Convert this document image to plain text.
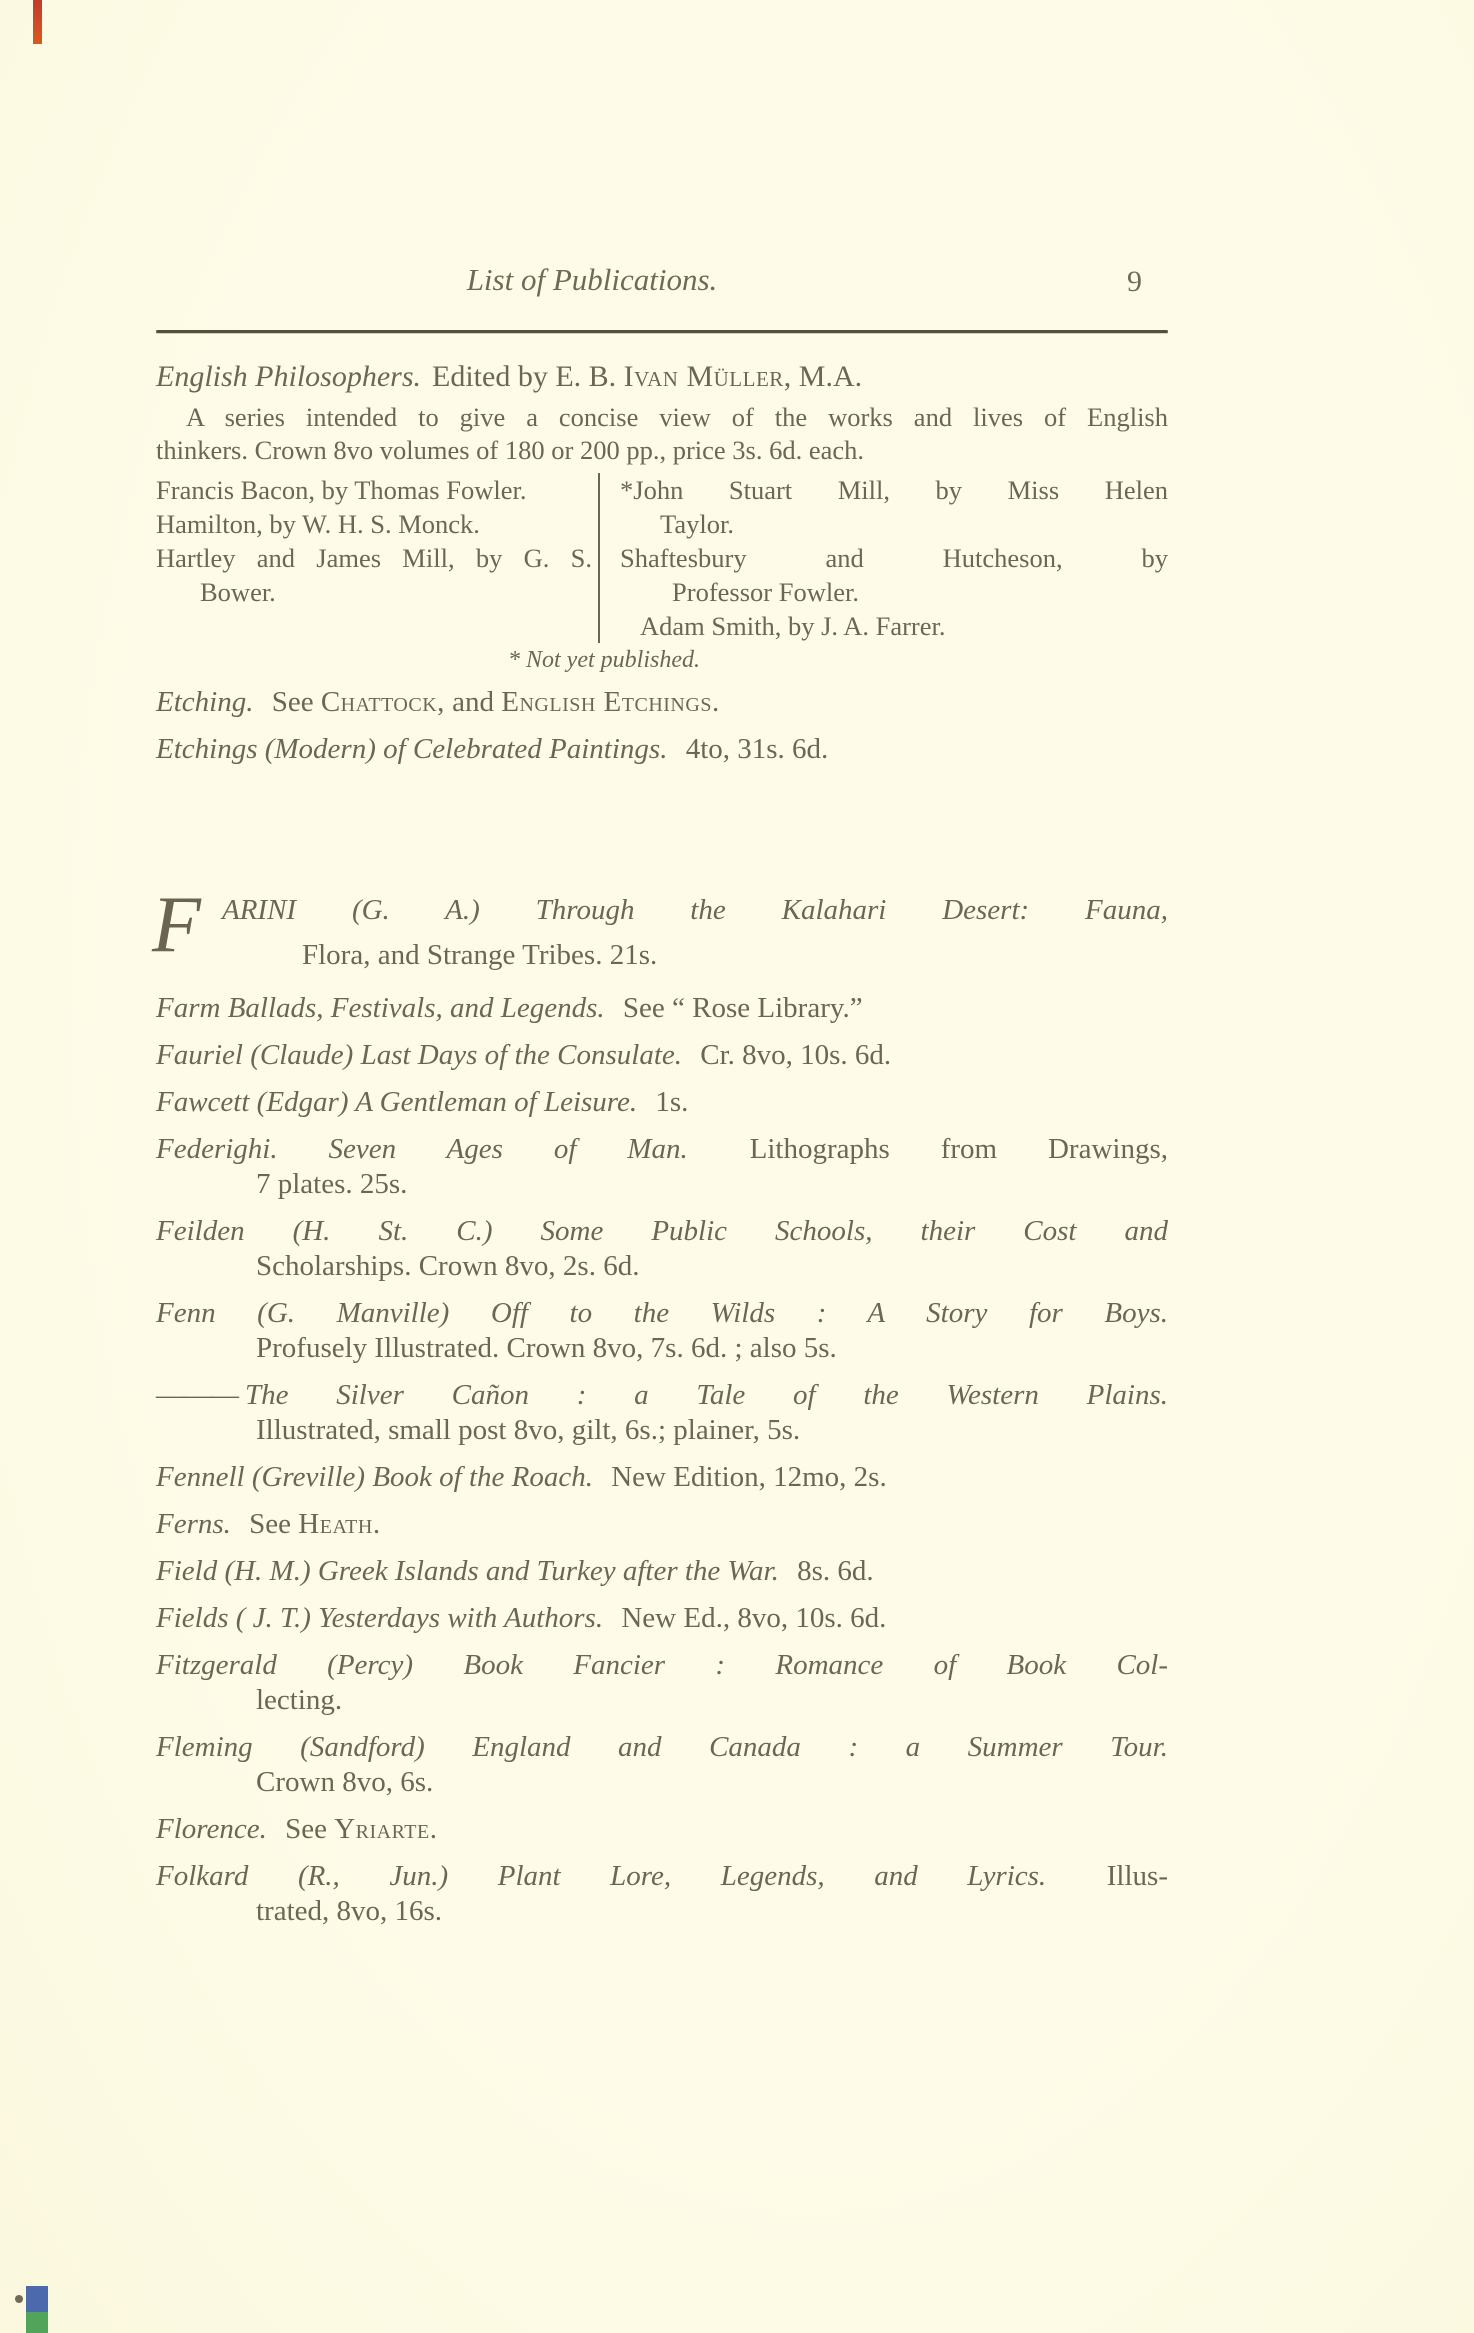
List of Publications.	9

English Philosophers. Edited by E. B. Ivan Müller, M.A.

A series intended to give a concise view of the works and lives of English

thinkers. Crown 8vo volumes of 180 or 200 pp., price 3s. 6d. each.

Francis Bacon, by Thomas Fowler.

Hamilton, by W. H. S. Monck.

Hartley and James Mill, by G. S.

Bower.

*John Stuart Mill, by Miss Helen

Taylor.

Shaftesbury and Hutcheson, by

Professor Fowler.

Adam Smith, by J. A. Farrer.

* Not yet published.

Etching. See Chattock, and English Etchings.

Etchings (Modern) of Celebrated Paintings. 4to, 31s. 6d.

F ARINI (G. A.) Through the Kalahari Desert: Fauna,

Flora, and Strange Tribes. 21s.

Farm Ballads, Festivals, and Legends. See “ Rose Library.”

Fauriel (Claude) Last Days of the Consulate. Cr. 8vo, 10s. 6d.

Fawcett (Edgar) A Gentleman of Leisure. 1s.

Federighi. Seven Ages of Man. Lithographs from Drawings,

7 plates. 25s.

Feilden (H. St. C.) Some Public Schools, their Cost and

Scholarships. Crown 8vo, 2s. 6d.

Fenn (G. Manville) Off to the Wilds : A Story for Boys.

Profusely Illustrated. Crown 8vo, 7s. 6d. ; also 5s.

——— The Silver Cañon : a Tale of the Western Plains.

Illustrated, small post 8vo, gilt, 6s.; plainer, 5s.

Fennell (Greville) Book of the Roach. New Edition, 12mo, 2s.

Ferns. See Heath.

Field (H. M.) Greek Islands and Turkey after the War. 8s. 6d.

Fields ( J. T.) Yesterdays with Authors. New Ed., 8vo, 10s. 6d.

Fitzgerald (Percy) Book Fancier : Romance of Book Col-

lecting.

Fleming (Sandford) England and Canada : a Summer Tour.

Crown 8vo, 6s.

Florence. See Yriarte.

Folkard (R., Jun.) Plant Lore, Legends, and Lyrics. Illus-

trated, 8vo, 16s.
